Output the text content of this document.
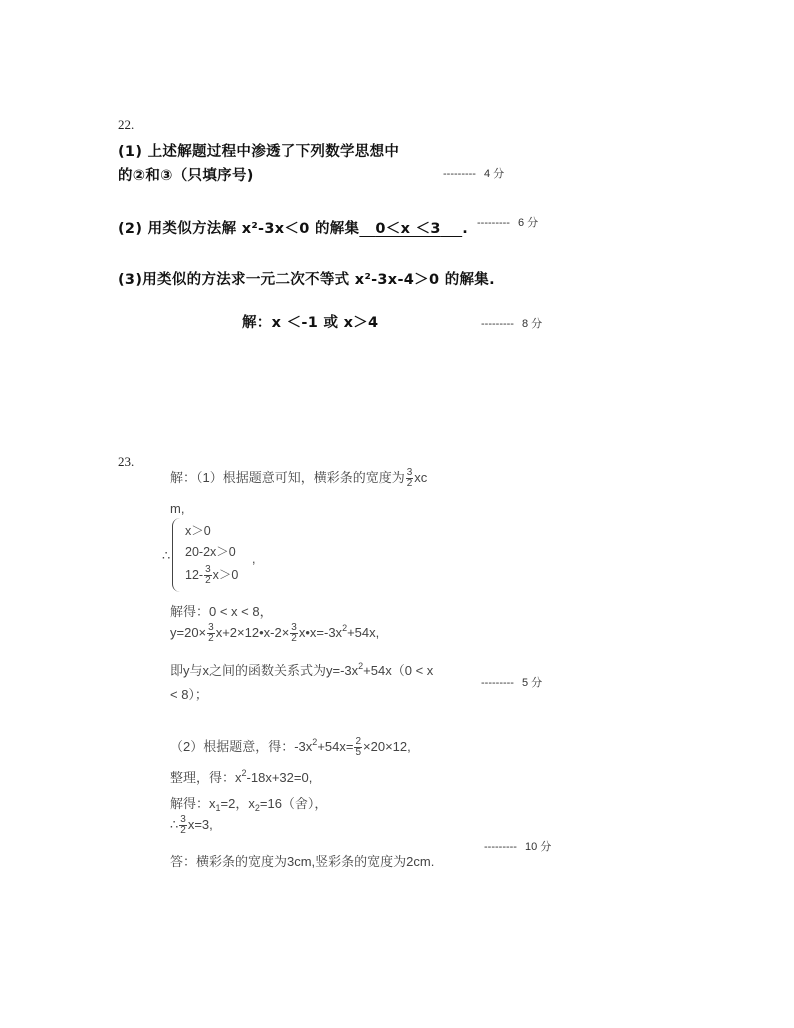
22.
(1) 上述解题过程中渗透了下列数学思想中
的②和③（只填序号)	--------- 4 分
(2) 用类似方法解 x²-3x＜0 的解集 0＜x ＜3 . --------- 6 分
(3)用类似的方法求一元二次不等式 x²-3x-4＞0 的解集.
解：x ＜-1 或 x＞4	--------- 8 分
23.
解：（1）根据题意可知，横彩条的宽度为 $\frac{3}{2}$ xc
m,
∴
x＞0
20-2x＞0
$12- \frac{3}{2} x>0$
,
解得：0 < x < 8，
$y=20\times \frac{3}{2}$ x+2×12•x-2× $\frac{3}{2}$ $x•x=-3x^2+54x$,
即y与x之间的函数关系式为$y=-3x^2+54x(0 < x$
< 8）；
--------- 5 分
（2）根据题意，得：$-3x^2+54x= \frac{2}{5} \times 20\times 12$,
整理，得：$x^2-18x+32=0$,
解得：$x_1=2$，$x_2=16$（舍），
∴ $\frac{3}{2} x=3$,
--------- 10 分
答：横彩条的宽度为3cm,竖彩条的宽度为2cm.
